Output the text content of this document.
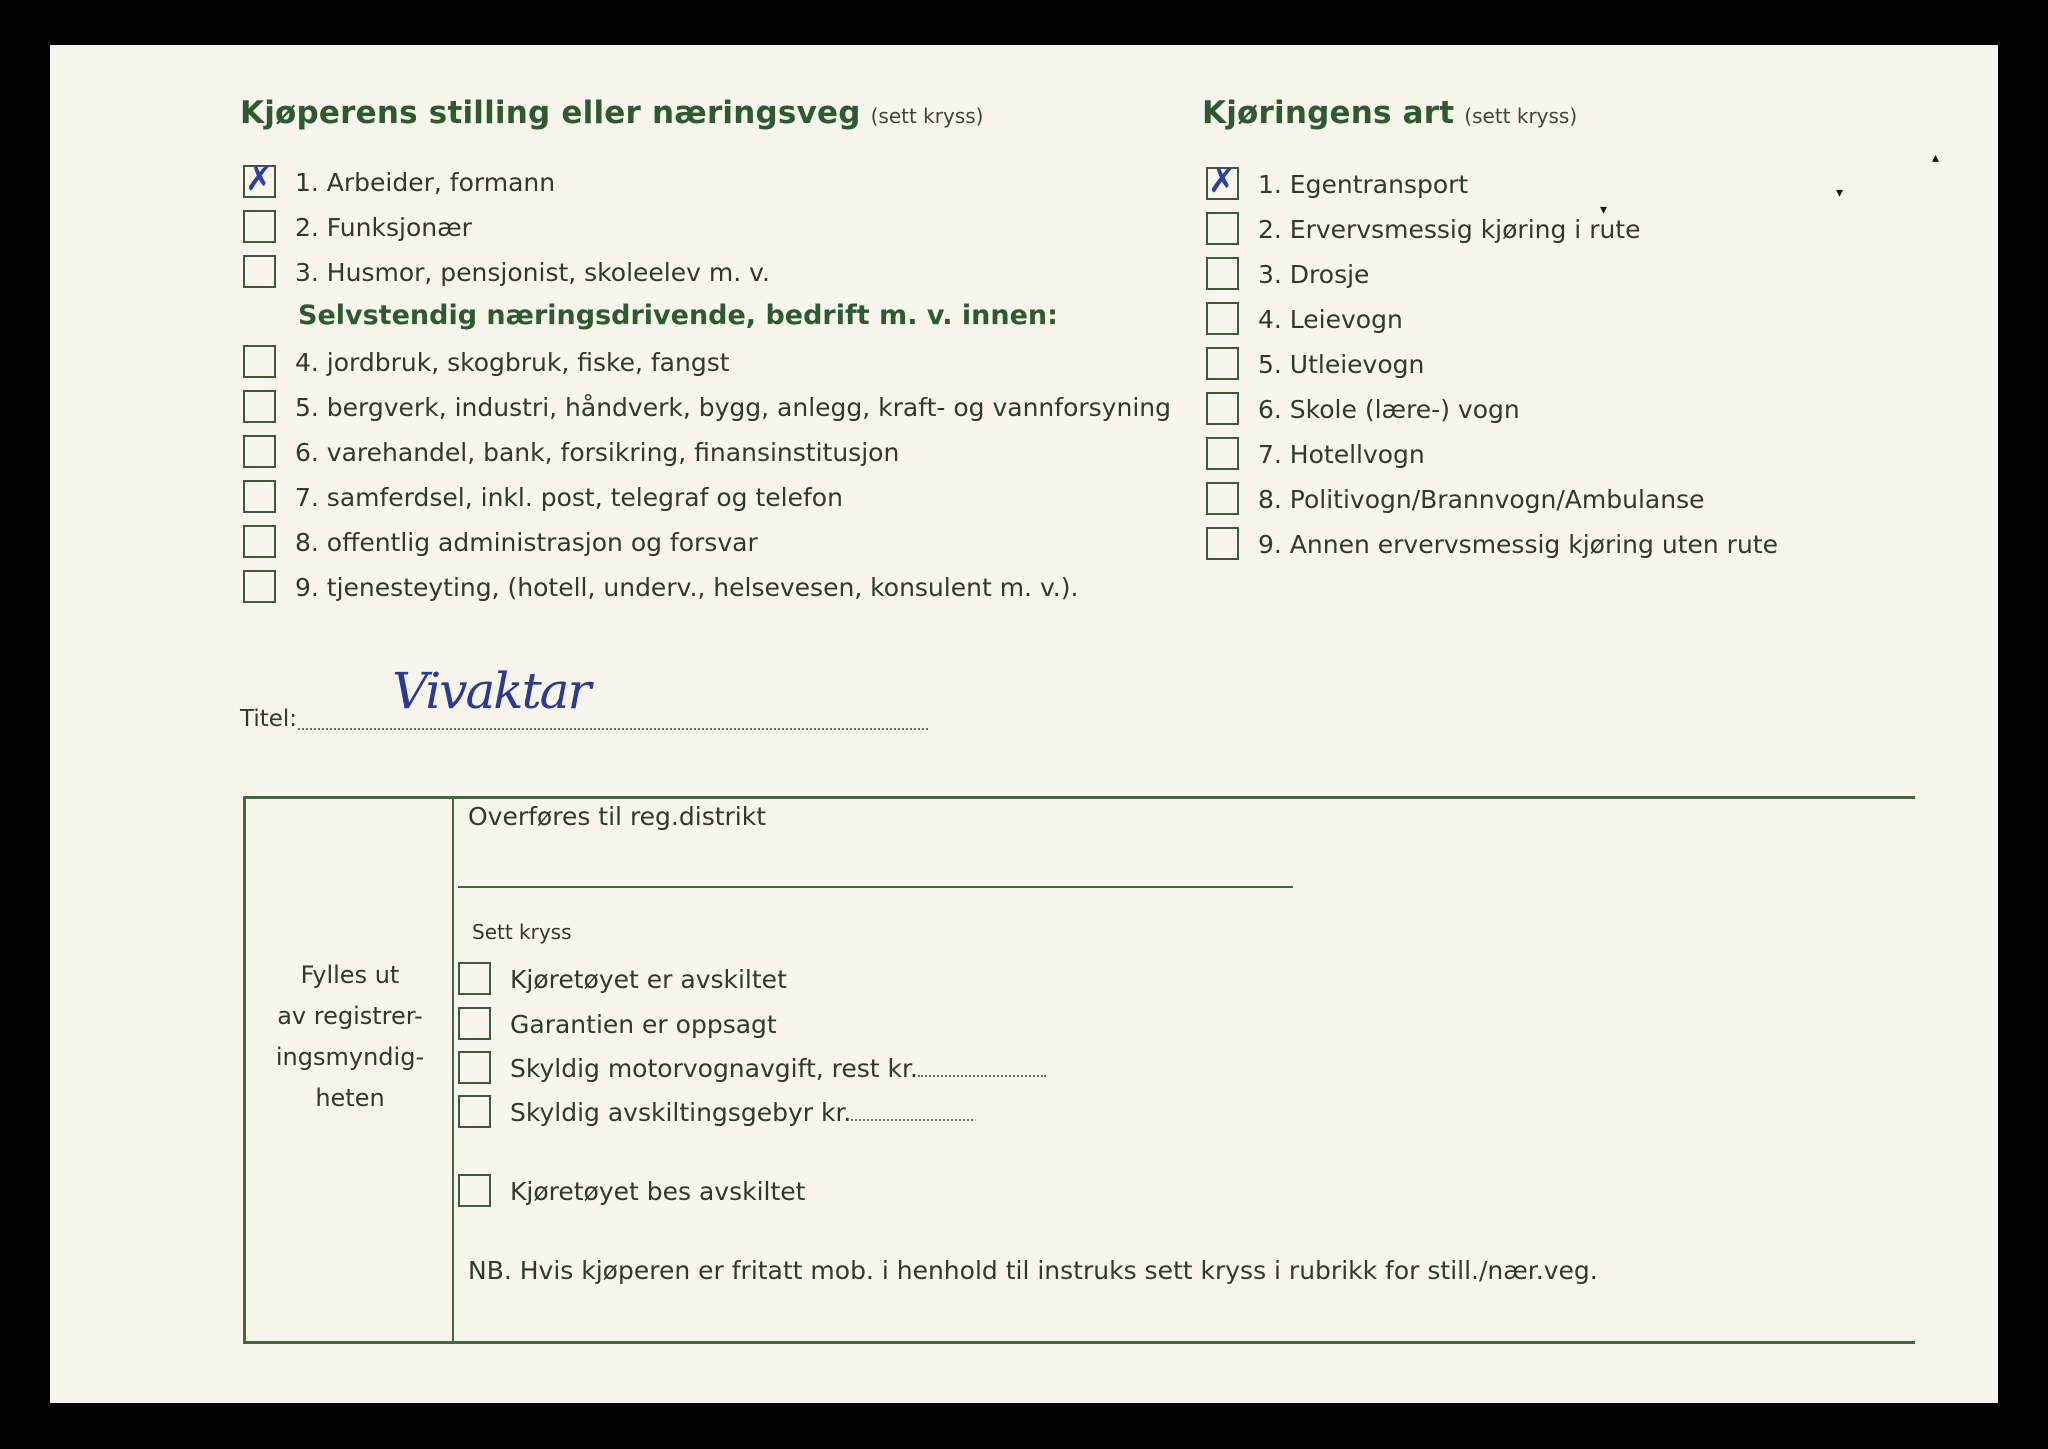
Kjøperens stilling eller næringsveg (sett kryss)	Kjøringens art (sett kryss)
✗ 1. Arbeider, formann
2. Funksjonær
3. Husmor, pensjonist, skoleelev m. v.
Selvstendig næringsdrivende, bedrift m. v. innen:
4. jordbruk, skogbruk, fiske, fangst
5. bergverk, industri, håndverk, bygg, anlegg, kraft- og vannforsyning
6. varehandel, bank, forsikring, finansinstitusjon
7. samferdsel, inkl. post, telegraf og telefon
8. offentlig administrasjon og forsvar
9. tjenesteyting, (hotell, underv., helsevesen, konsulent m. v.).
✗ 1. Egentransport
2. Ervervsmessig kjøring i rute
3. Drosje
4. Leievogn
5. Utleievogn
6. Skole (lære-) vogn
7. Hotellvogn
8. Politivogn/Brannvogn/Ambulanse
9. Annen ervervsmessig kjøring uten rute
Titel: Vivaktar
Fylles ut
av registrer-
ingsmyndig-
heten
Overføres til reg.distrikt
Sett kryss
Kjøretøyet er avskiltet
Garantien er oppsagt
Skyldig motorvognavgift, rest kr.
Skyldig avskiltingsgebyr kr.
Kjøretøyet bes avskiltet
NB. Hvis kjøperen er fritatt mob. i henhold til instruks sett kryss i rubrikk for still./nær.veg.
▾
▴
▾
